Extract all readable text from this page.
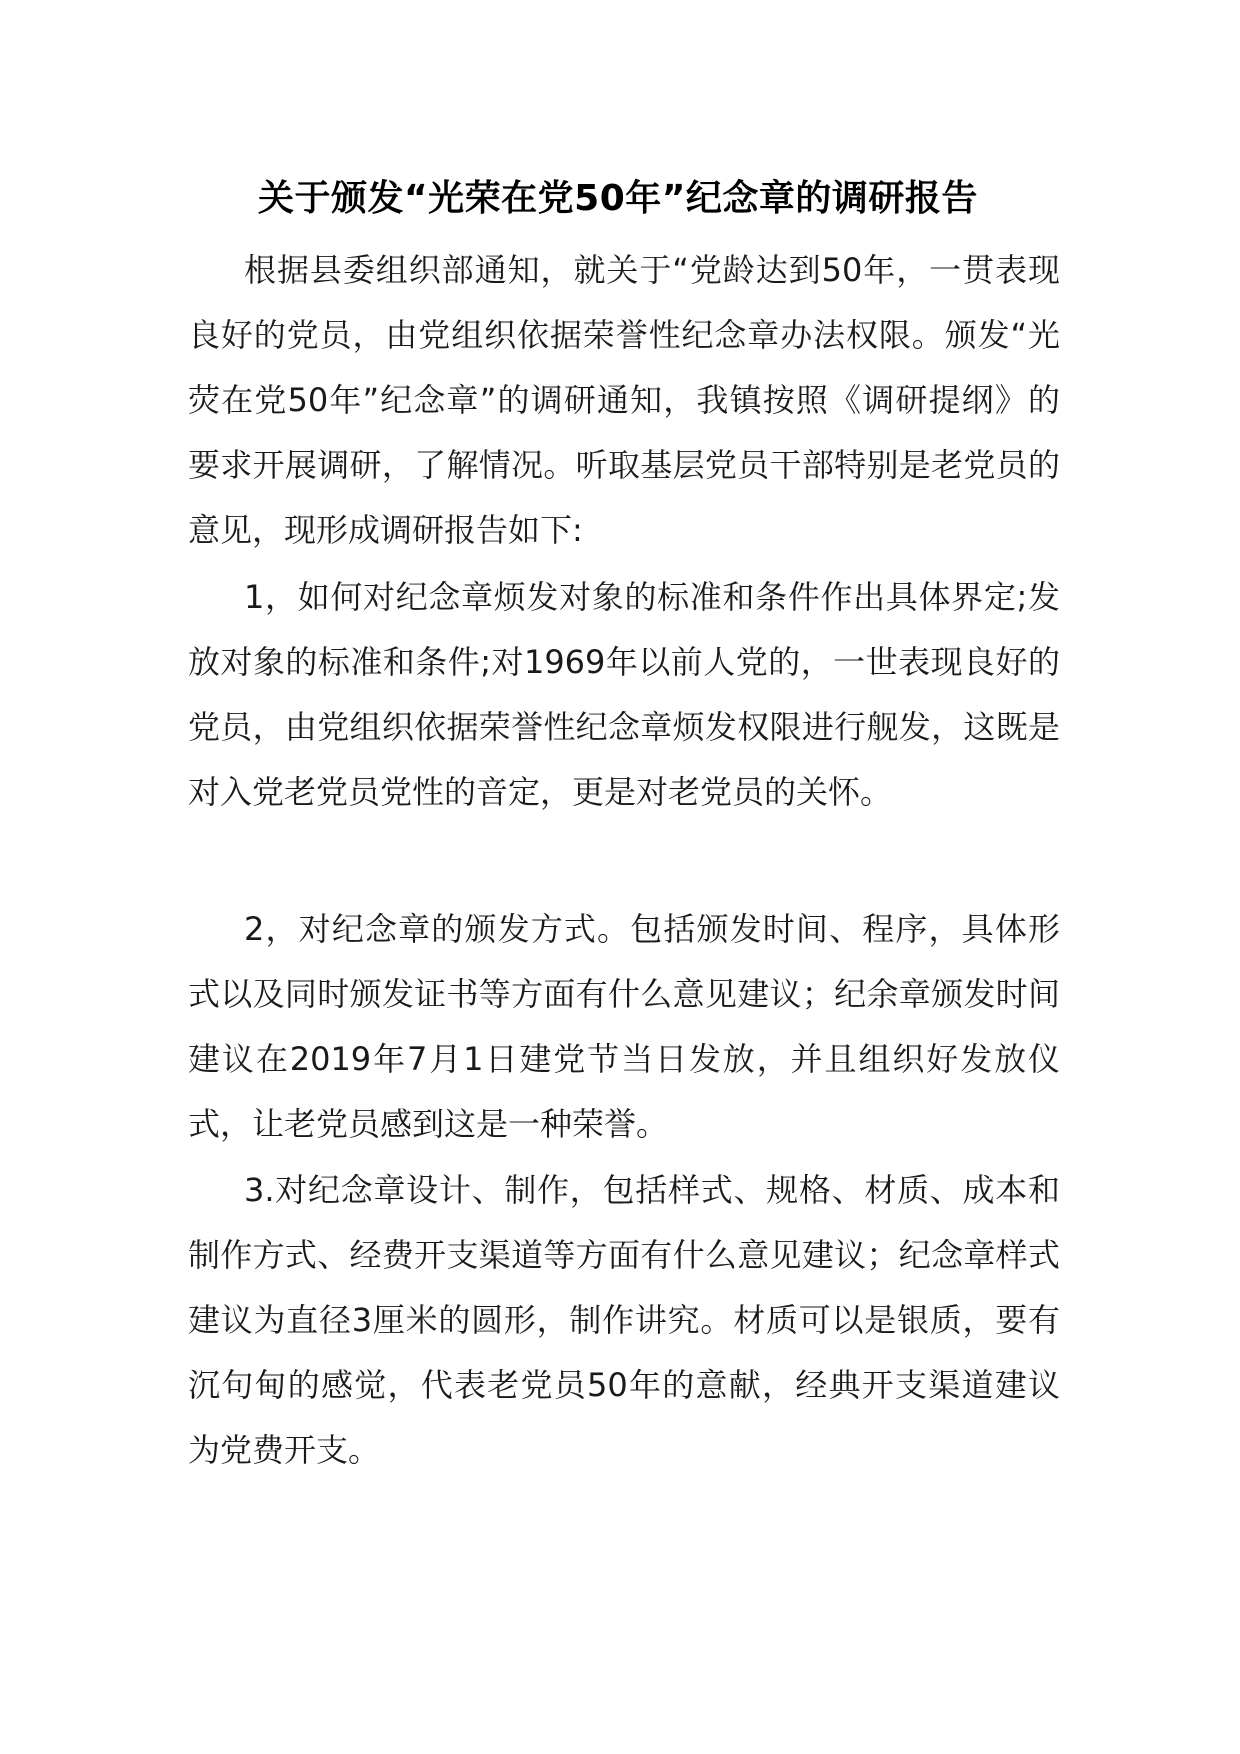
关于颁发“光荣在党50年”纪念章的调研报告

根据县委组织部通知，就关于“党龄达到50年，一贯表现良好的党员，由党组织依据荣誉性纪念章办法权限。颁发“光荧在党50年”纪念章”的调研通知，我镇按照《调研提纲》的要求开展调研，了解情况。听取基层党员干部特别是老党员的意见，现形成调研报告如下:

1，如何对纪念章烦发对象的标准和条件作出具体界定;发放对象的标准和条件;对1969年以前人党的，一世表现良好的党员，由党组织依据荣誉性纪念章烦发权限进行舰发，这既是对入党老党员党性的音定，更是对老党员的关怀。

2，对纪念章的颁发方式。包括颁发时间、程序，具体形式以及同时颁发证书等方面有什么意见建议；纪余章颁发时间建议在2019年7月1日建党节当日发放，并且组织好发放仪式，让老党员感到这是一种荣誉。

3.对纪念章设计、制作，包括样式、规格、材质、成本和制作方式、经费开支渠道等方面有什么意见建议；纪念章样式建议为直径3厘米的圆形，制作讲究。材质可以是银质，要有沉句甸的感觉，代表老党员50年的意献，经典开支渠道建议为党费开支。
